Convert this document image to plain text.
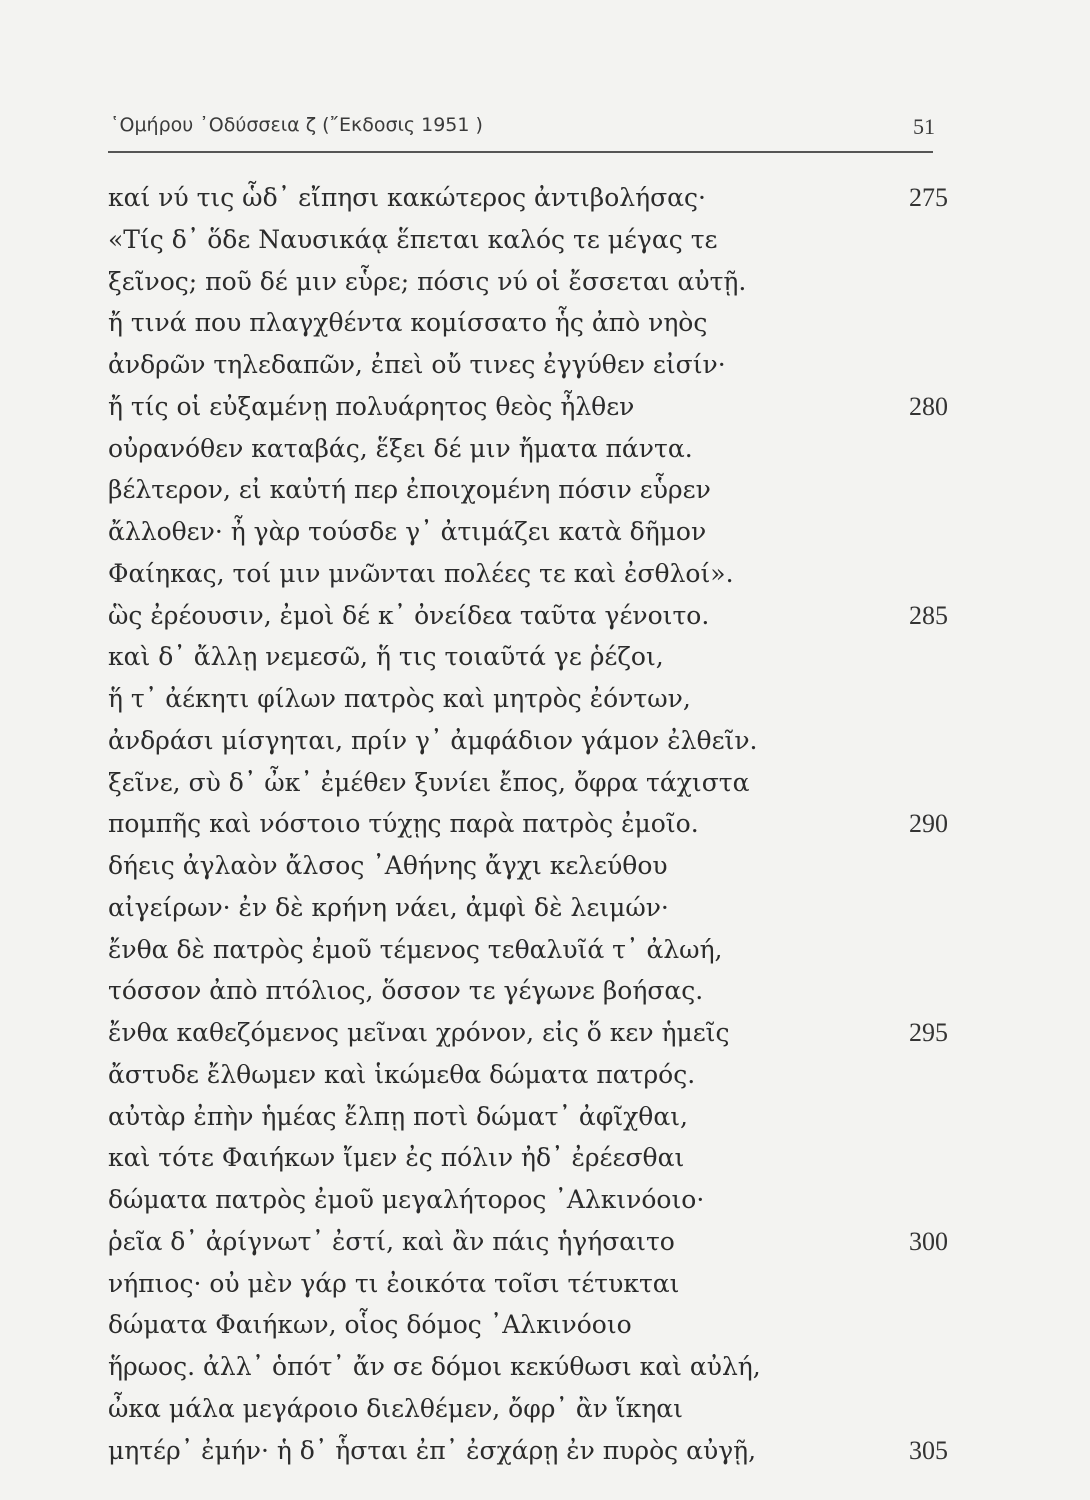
῾Ομήρου ᾿Οδύσσεια ζ (῎Εκδοσις 1951 )	51
καί νύ τις ὧδ᾿ εἴπησι κακώτερος ἀντιβολήσας·	275
«Τίς δ᾿ ὅδε Ναυσικάᾳ ἕπεται καλός τε μέγας τε
ξεῖνος; ποῦ δέ μιν εὗρε; πόσις νύ οἱ ἔσσεται αὐτῇ.
ἤ τινά που πλαγχθέντα κομίσσατο ἧς ἀπὸ νηὸς
ἀνδρῶν τηλεδαπῶν, ἐπεὶ οὔ τινες ἐγγύθεν εἰσίν·
ἤ τίς οἱ εὐξαμένῃ πολυάρητος θεὸς ἦλθεν	280
οὐρανόθεν καταβάς, ἕξει δέ μιν ἤματα πάντα.
βέλτερον, εἰ καὐτή περ ἐποιχομένη πόσιν εὗρεν
ἄλλοθεν· ἦ γὰρ τούσδε γ᾿ ἀτιμάζει κατὰ δῆμον
Φαίηκας, τοί μιν μνῶνται πολέες τε καὶ ἐσθλοί».
ὣς ἐρέουσιν, ἐμοὶ δέ κ᾿ ὀνείδεα ταῦτα γένοιτο.	285
καὶ δ᾿ ἄλλῃ νεμεσῶ, ἥ τις τοιαῦτά γε ῥέζοι,
ἥ τ᾿ ἀέκητι φίλων πατρὸς καὶ μητρὸς ἐόντων,
ἀνδράσι μίσγηται, πρίν γ᾿ ἀμφάδιον γάμον ἐλθεῖν.
ξεῖνε, σὺ δ᾿ ὦκ᾿ ἐμέθεν ξυνίει ἔπος, ὄφρα τάχιστα
πομπῆς καὶ νόστοιο τύχῃς παρὰ πατρὸς ἐμοῖο.	290
δήεις ἀγλαὸν ἄλσος ᾿Αθήνης ἄγχι κελεύθου
αἰγείρων· ἐν δὲ κρήνη νάει, ἀμφὶ δὲ λειμών·
ἔνθα δὲ πατρὸς ἐμοῦ τέμενος τεθαλυῖά τ᾿ ἀλωή,
τόσσον ἀπὸ πτόλιος, ὅσσον τε γέγωνε βοήσας.
ἔνθα καθεζόμενος μεῖναι χρόνον, εἰς ὅ κεν ἡμεῖς	295
ἄστυδε ἔλθωμεν καὶ ἱκώμεθα δώματα πατρός.
αὐτὰρ ἐπὴν ἡμέας ἔλπῃ ποτὶ δώματ᾿ ἀφῖχθαι,
καὶ τότε Φαιήκων ἴμεν ἐς πόλιν ἠδ᾿ ἐρέεσθαι
δώματα πατρὸς ἐμοῦ μεγαλήτορος ᾿Αλκινόοιο·
ῥεῖα δ᾿ ἀρίγνωτ᾿ ἐστί, καὶ ἂν πάις ἡγήσαιτο	300
νήπιος· οὐ μὲν γάρ τι ἐοικότα τοῖσι τέτυκται
δώματα Φαιήκων, οἷος δόμος ᾿Αλκινόοιο
ἥρωος. ἀλλ᾿ ὁπότ᾿ ἄν σε δόμοι κεκύθωσι καὶ αὐλή,
ὦκα μάλα μεγάροιο διελθέμεν, ὄφρ᾿ ἂν ἵκηαι
μητέρ᾿ ἐμήν· ἡ δ᾿ ἧσται ἐπ᾿ ἐσχάρῃ ἐν πυρὸς αὐγῇ,	305
